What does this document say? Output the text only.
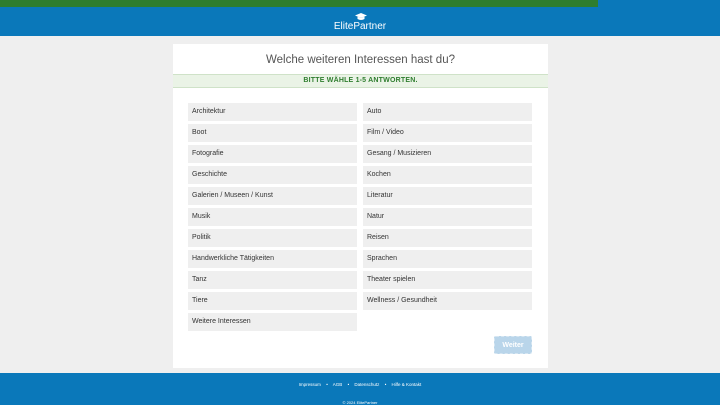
ElitePartner
Welche weiteren Interessen hast du?
BITTE WÄHLE 1-5 ANTWORTEN.
Architektur	Auto
Boot	Film / Video
Fotografie	Gesang / Musizieren
Geschichte	Kochen
Galerien / Museen / Kunst	Literatur
Musik	Natur
Politik	Reisen
Handwerkliche Tätigkeiten	Sprachen
Tanz	Theater spielen
Tiere	Wellness / Gesundheit
Weitere Interessen
Weiter
Impressum • AGB • Datenschutz • Hilfe & Kontakt
© 2024 ElitePartner
